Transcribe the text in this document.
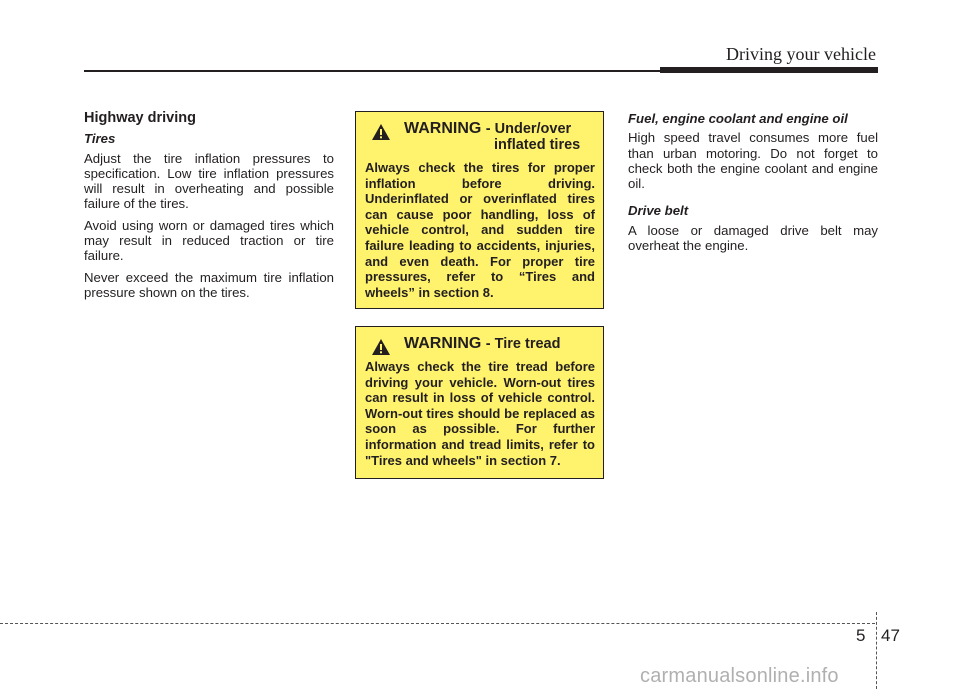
Driving your vehicle
Highway driving
Tires

Adjust the tire inflation pressures to specification. Low tire inflation pressures will result in overheating and possible failure of the tires.

Avoid using worn or damaged tires which may result in reduced traction or tire failure.

Never exceed the maximum tire inflation pressure shown on the tires.

WARNING - Under/over
inflated tires
Always check the tires for proper inflation before driving. Underinflated or overinflated tires can cause poor handling, loss of vehicle control, and sudden tire failure leading to accidents, injuries, and even death. For proper tire pressures, refer to “Tires and wheels” in section 8.
WARNING - Tire tread
Always check the tire tread before driving your vehicle. Worn-out tires can result in loss of vehicle control. Worn-out tires should be replaced as soon as possible. For further information and tread limits, refer to "Tires and wheels" in section 7.
Fuel, engine coolant and engine oil

High speed travel consumes more fuel than urban motoring. Do not forget to check both the engine coolant and engine oil.

Drive belt

A loose or damaged drive belt may overheat the engine.

5 47
carmanualsonline.info
